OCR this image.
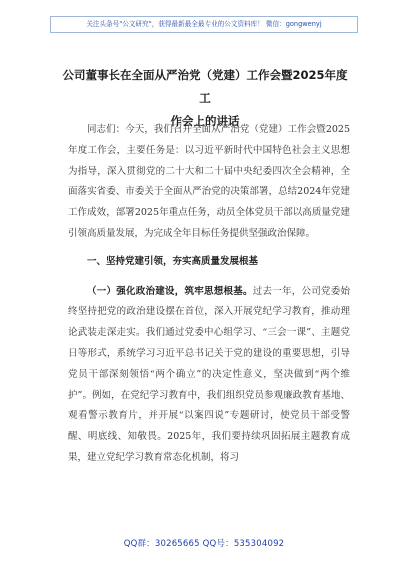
关注头条号"公文研究"，获得最新最全最专业的公文资料库！ 微信：gongwenyj
公司董事长在全面从严治党（党建）工作会暨2025年度工
作会上的讲话

同志们：今天，我们召开全面从严治党（党建）工作会暨2025年度工作会，主要任务是：以习近平新时代中国特色社会主义思想为指导，深入贯彻党的二十大和二十届中央纪委四次全会精神，全面落实省委、市委关于全面从严治党的决策部署，总结2024年党建工作成效，部署2025年重点任务，动员全体党员干部以高质量党建引领高质量发展，为完成全年目标任务提供坚强政治保障。

一、坚持党建引领，夯实高质量发展根基

（一）强化政治建设，筑牢思想根基。过去一年，公司党委始终坚持把党的政治建设摆在首位，深入开展党纪学习教育，推动理论武装走深走实。我们通过党委中心组学习、“三会一课”、主题党日等形式，系统学习习近平总书记关于党的建设的重要思想，引导党员干部深刻领悟“两个确立”的决定性意义，坚决做到“两个维护”。例如，在党纪学习教育中，我们组织党员参观廉政教育基地、观看警示教育片，并开展“以案四说”专题研讨，使党员干部受警醒、明底线、知敬畏。2025年，我们要持续巩固拓展主题教育成果，建立党纪学习教育常态化机制，将习

QQ群：30265665 QQ号：535304092
